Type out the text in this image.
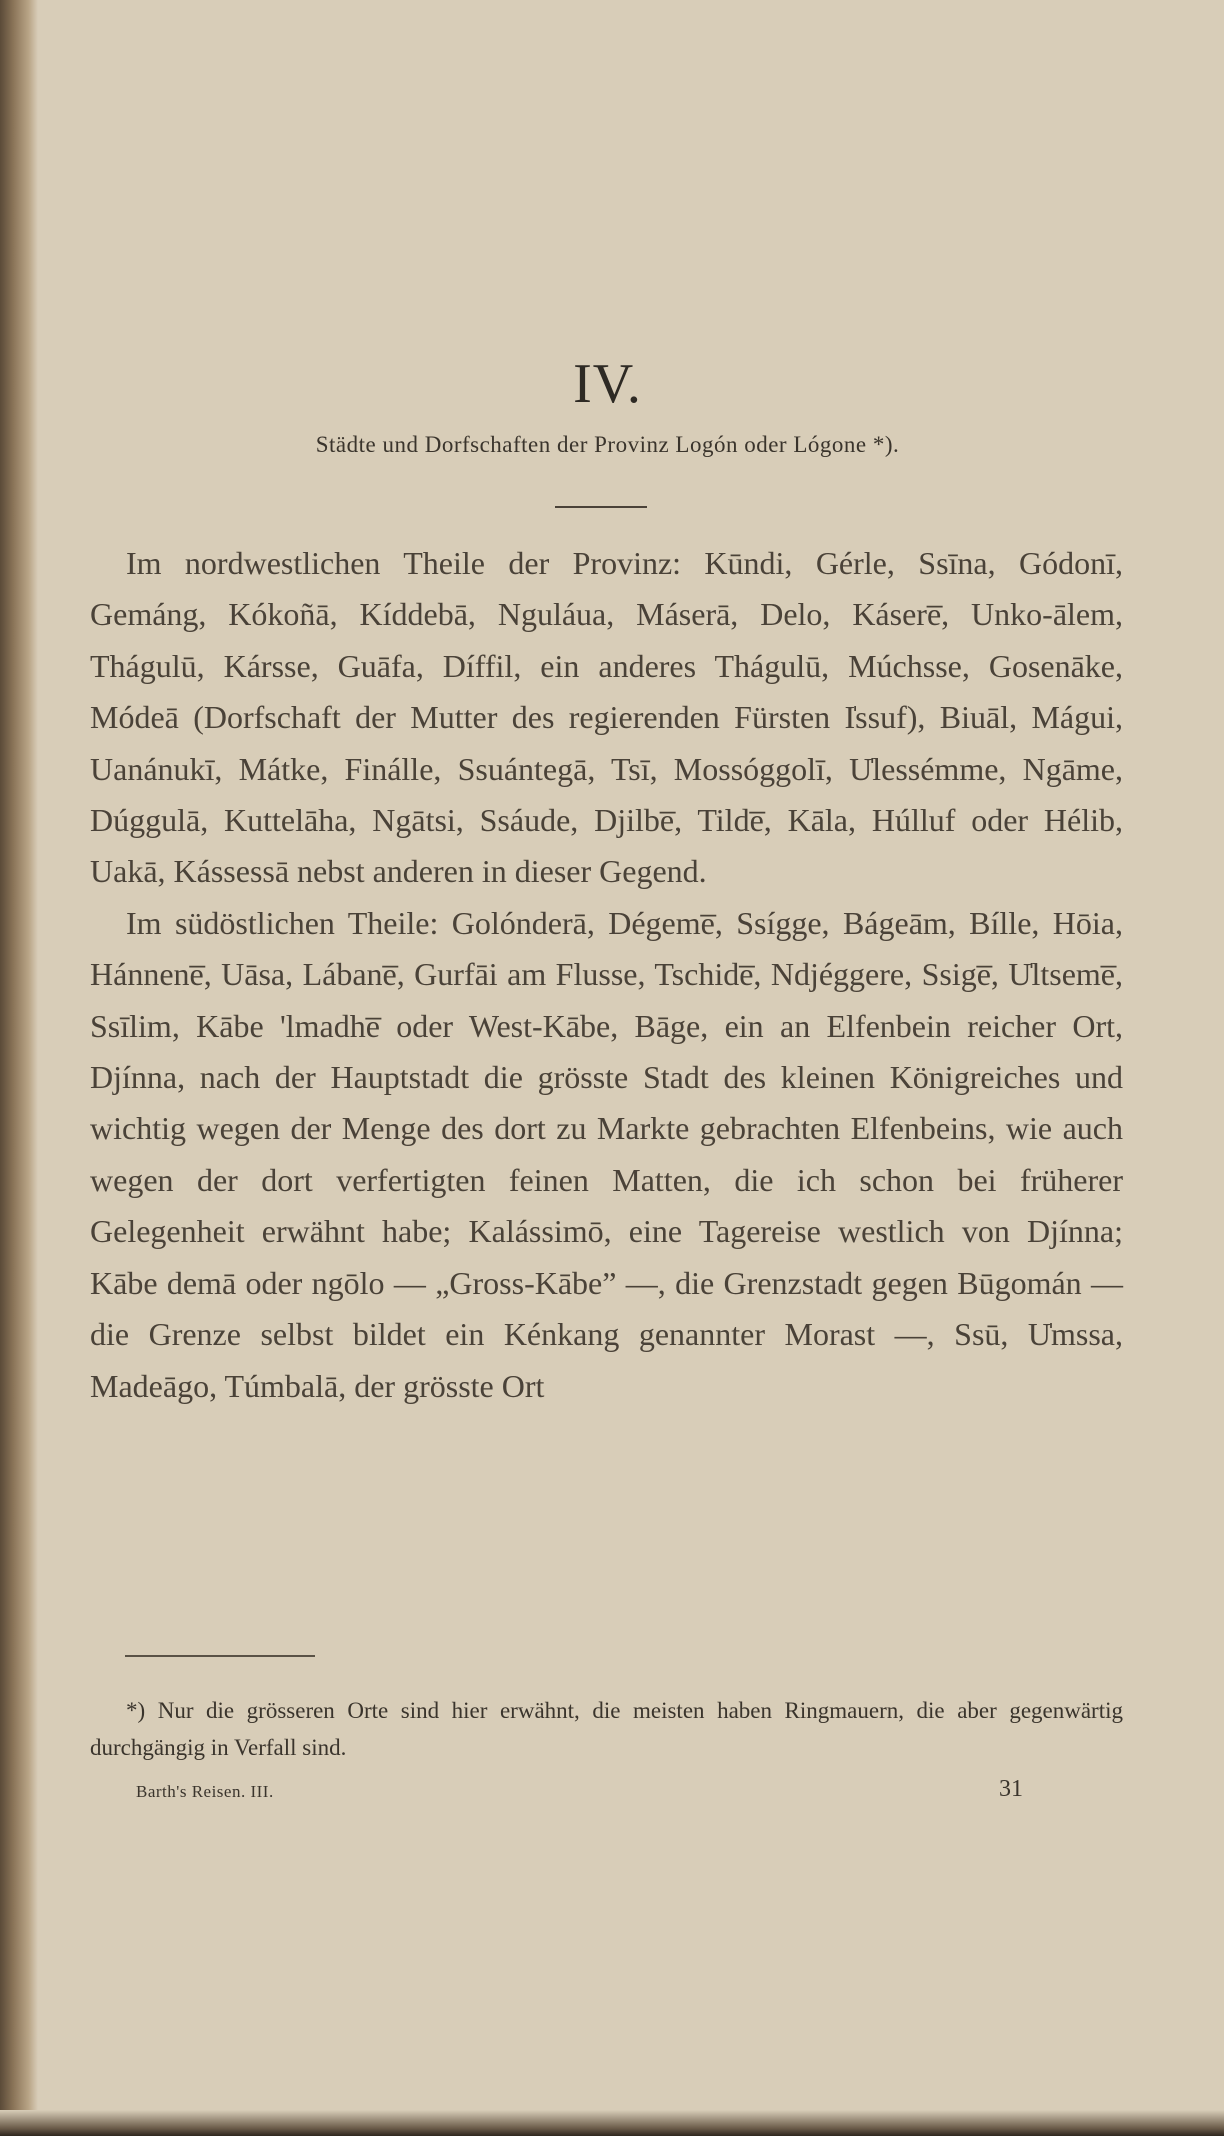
IV.
Städte und Dorfschaften der Provinz Logón oder Lógone *).

Im nordwestlichen Theile der Provinz: Kūndi, Gérle, Ssīna, Gódonī, Gemáng, Kókoñā, Kíddebā, Nguláua, Máserā, Delo, Kásere̅, Unko-ālem, Thágulū, Kársse, Guāfa, Díffil, ein anderes Thágulū, Múchsse, Gosenāke, Módeā (Dorfschaft der Mutter des regierenden Fürsten I̍ssuf), Biuāl, Mágui, Uanánukī, Mátke, Finálle, Ssuántegā, Tsī, Mossóggolī, U̍lessémme, Ngāme, Dúggulā, Kuttelāha, Ngātsi, Ssáude, Djilbe̅, Tilde̅, Kāla, Húlluf oder Hélib, Uakā, Kássessā nebst anderen in dieser Gegend.

Im südöstlichen Theile: Golónderā, Dégeme̅, Ssígge, Bágeām, Bílle, Hōia, Hánnene̅, Uāsa, Lábane̅, Gurfāi am Flusse, Tschide̅, Ndjéggere, Ssige̅, U̍ltseme̅, Ssīlim, Kābe 'lmadhe̅ oder West-Kābe, Bāge, ein an Elfenbein reicher Ort, Djínna, nach der Hauptstadt die grösste Stadt des kleinen Königreiches und wichtig wegen der Menge des dort zu Markte gebrachten Elfenbeins, wie auch wegen der dort verfertigten feinen Matten, die ich schon bei früherer Gelegenheit erwähnt habe; Kalássimō, eine Tagereise westlich von Djínna; Kābe demā oder ngōlo — „Gross-Kābe” —, die Grenzstadt gegen Būgomán — die Grenze selbst bildet ein Kénkang genannter Morast —, Ssū, U̍mssa, Madeāgo, Túmbalā, der grösste Ort

*) Nur die grösseren Orte sind hier erwähnt, die meisten haben Ringmauern, die aber gegenwärtig durchgängig in Verfall sind.
Barth's Reisen. III.	31
